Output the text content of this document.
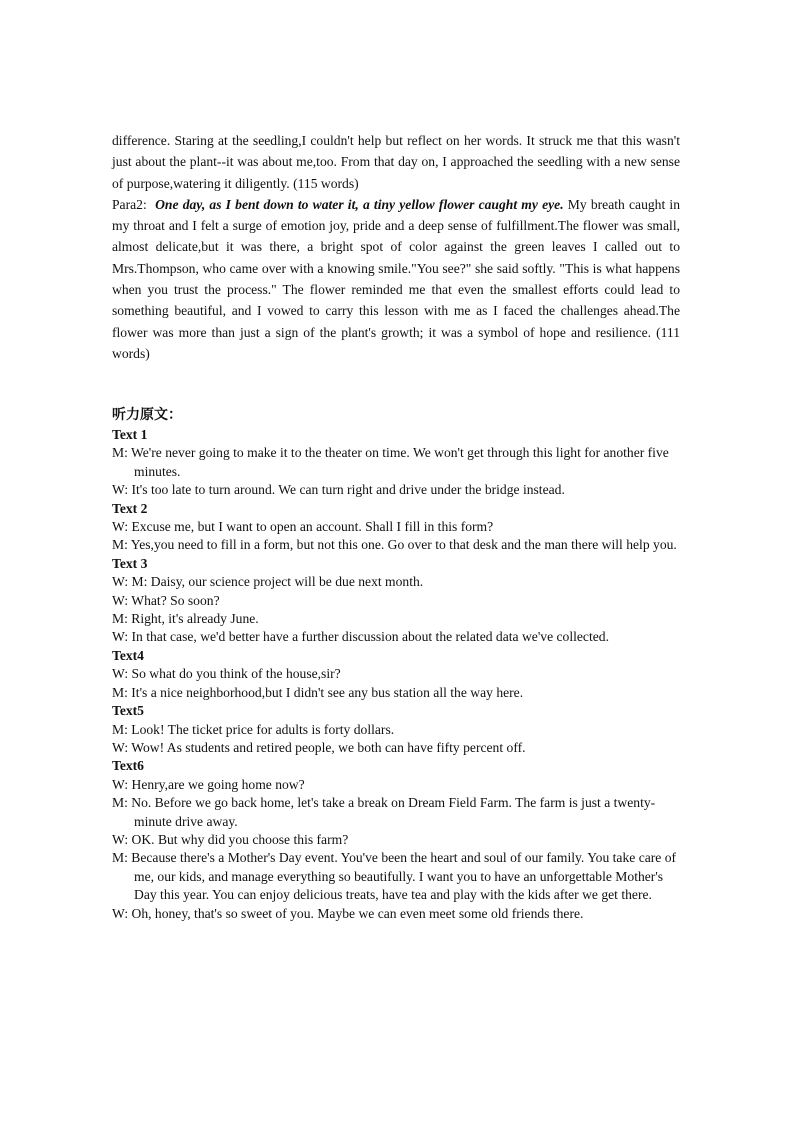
difference. Staring at the seedling,I couldn't help but reflect on her words. It struck me that this wasn't just about the plant--it was about me,too. From that day on, I approached the seedling with a new sense of purpose,watering it diligently. (115 words)

Para2: One day, as I bent down to water it, a tiny yellow flower caught my eye. My breath caught in my throat and I felt a surge of emotion joy, pride and a deep sense of fulfillment.The flower was small, almost delicate,but it was there, a bright spot of color against the green leaves I called out to Mrs.Thompson, who came over with a knowing smile."You see?" she said softly. "This is what happens when you trust the process." The flower reminded me that even the smallest efforts could lead to something beautiful, and I vowed to carry this lesson with me as I faced the challenges ahead.The flower was more than just a sign of the plant's growth; it was a symbol of hope and resilience. (111 words)

听力原文：
Text 1
M: We're never going to make it to the theater on time. We won't get through this light for another five minutes.
W: It's too late to turn around. We can turn right and drive under the bridge instead.
Text 2
W: Excuse me, but I want to open an account. Shall I fill in this form?
M: Yes,you need to fill in a form, but not this one. Go over to that desk and the man there will help you.
Text 3
W: M: Daisy, our science project will be due next month.
W: What? So soon?
M: Right, it's already June.
W: In that case, we'd better have a further discussion about the related data we've collected.
Text4
W: So what do you think of the house,sir?
M: It's a nice neighborhood,but I didn't see any bus station all the way here.
Text5
M: Look! The ticket price for adults is forty dollars.
W: Wow! As students and retired people, we both can have fifty percent off.
Text6
W: Henry,are we going home now?
M: No. Before we go back home, let's take a break on Dream Field Farm. The farm is just a twenty-minute drive away.
W: OK. But why did you choose this farm?
M: Because there's a Mother's Day event. You've been the heart and soul of our family. You take care of me, our kids, and manage everything so beautifully. I want you to have an unforgettable Mother's Day this year. You can enjoy delicious treats, have tea and play with the kids after we get there.
W: Oh, honey, that's so sweet of you. Maybe we can even meet some old friends there.
